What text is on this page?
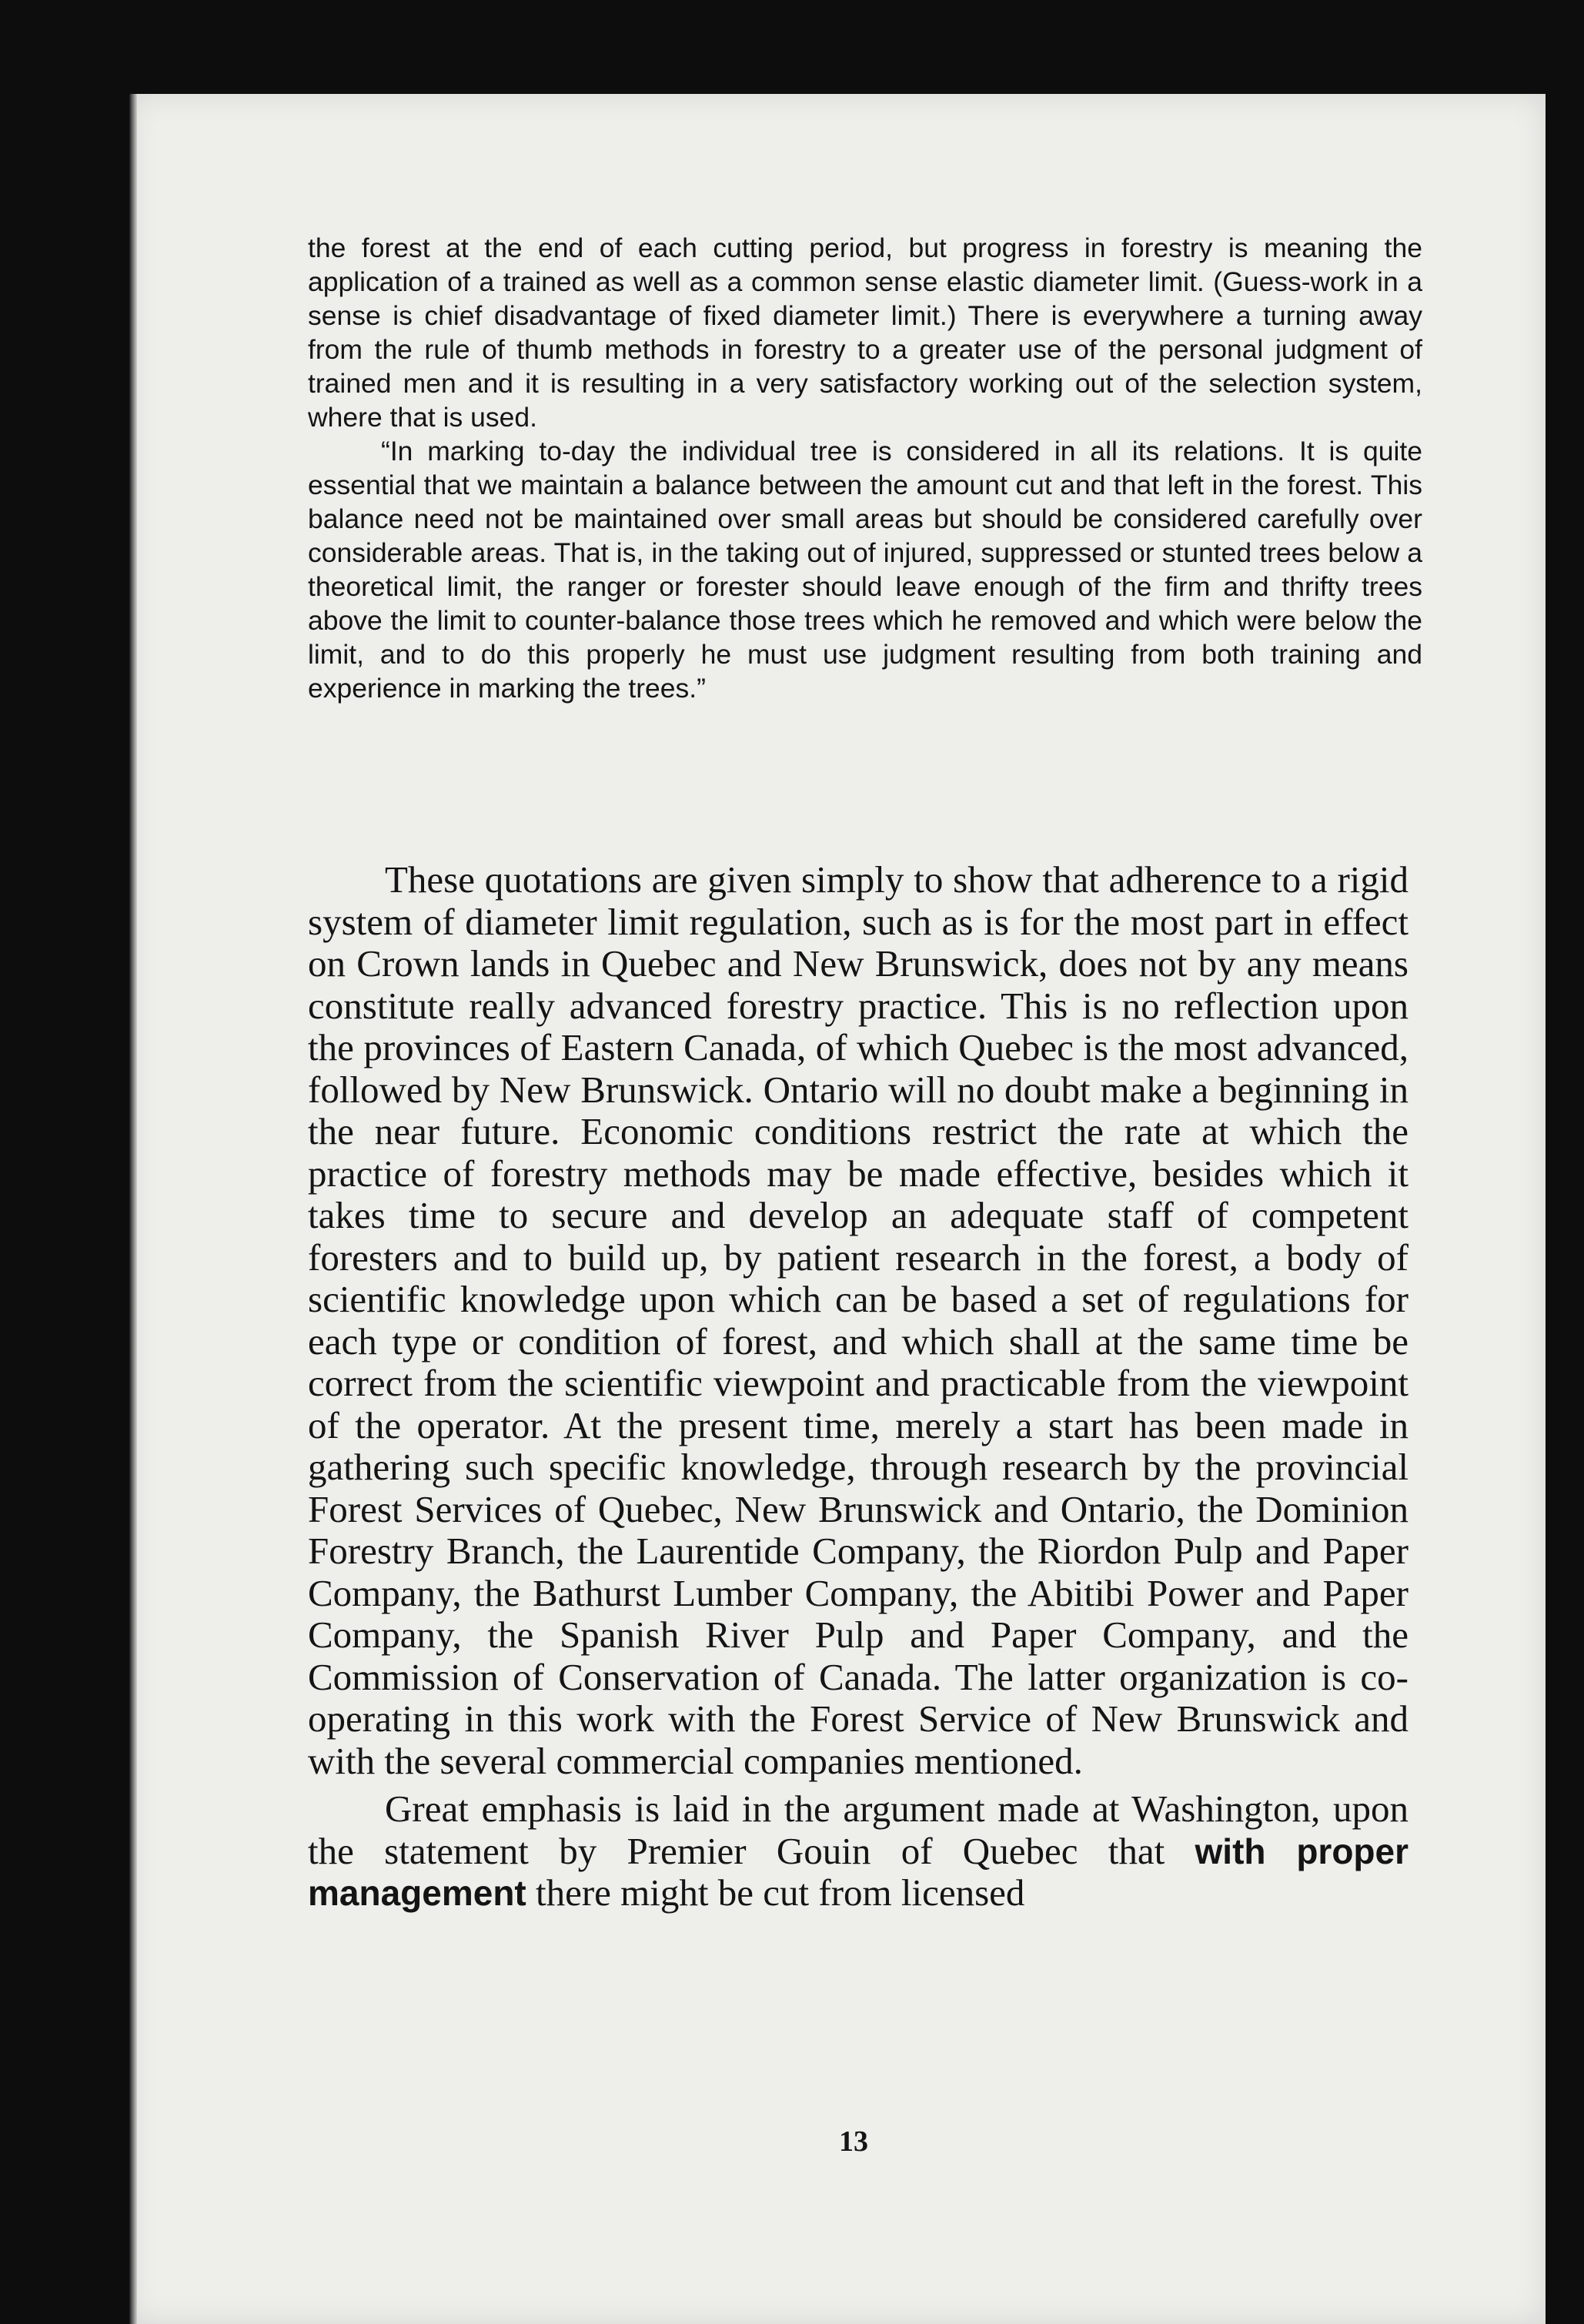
the forest at the end of each cutting period, but progress in forestry is meaning the application of a trained as well as a common sense elastic diameter limit. (Guess-work in a sense is chief disadvantage of fixed diameter limit.) There is everywhere a turning away from the rule of thumb methods in forestry to a greater use of the personal judgment of trained men and it is resulting in a very satisfactory working out of the selection system, where that is used.

“In marking to-day the individual tree is considered in all its relations. It is quite essential that we maintain a balance between the amount cut and that left in the forest. This balance need not be maintained over small areas but should be considered carefully over considerable areas. That is, in the taking out of injured, suppressed or stunted trees below a theoretical limit, the ranger or forester should leave enough of the firm and thrifty trees above the limit to counter-balance those trees which he removed and which were below the limit, and to do this properly he must use judgment resulting from both training and experience in marking the trees.”

These quotations are given simply to show that adherence to a rigid system of diameter limit regulation, such as is for the most part in effect on Crown lands in Quebec and New Brunswick, does not by any means constitute really advanced forestry practice. This is no reflection upon the provinces of Eastern Canada, of which Quebec is the most advanced, followed by New Brunswick. Ontario will no doubt make a beginning in the near future. Economic conditions restrict the rate at which the practice of forestry methods may be made effective, besides which it takes time to secure and develop an adequate staff of competent foresters and to build up, by patient research in the forest, a body of scientific knowledge upon which can be based a set of regulations for each type or condition of forest, and which shall at the same time be correct from the scientific viewpoint and practicable from the viewpoint of the operator. At the present time, merely a start has been made in gathering such specific knowledge, through research by the provincial Forest Services of Quebec, New Brunswick and Ontario, the Dominion Forestry Branch, the Laurentide Company, the Riordon Pulp and Paper Company, the Bathurst Lumber Company, the Abitibi Power and Paper Company, the Spanish River Pulp and Paper Company, and the Commission of Conservation of Canada. The latter organization is co-operating in this work with the Forest Service of New Brunswick and with the several commercial companies mentioned.

Great emphasis is laid in the argument made at Washington, upon the statement by Premier Gouin of Quebec that with proper management there might be cut from licensed

13
